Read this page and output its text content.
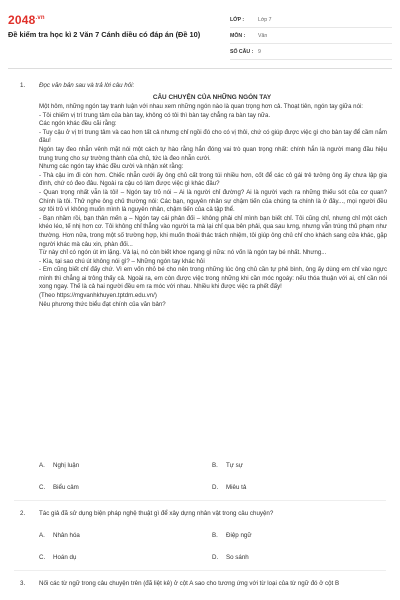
$2048^{.vn}$
Đề kiểm tra học kì 2 Văn 7 Cánh diều có đáp án (Đề 10)
LỚP :	Lớp 7
MÔN :	Văn
SỐ CÂU : 9
1. Đọc văn bản sau và trả lời câu hỏi:
CÂU CHUYỆN CỦA NHỮNG NGÓN TAY

Một hôm, những ngón tay tranh luận với nhau xem những ngón nào là quan trọng hơn cả. Thoạt tiên, ngón tay giữa nói:

- Tôi chiếm vị trí trung tâm của bàn tay, không có tôi thì bàn tay chẳng ra bàn tay nữa.

Các ngón khác đều cãi rằng:

- Tuy cậu ở vị trí trung tâm và cao hơn tất cả nhưng chỉ ngồi đó cho có vị thôi, chứ có giúp được việc gì cho bàn tay để cầm nắm đâu!

Ngón tay đeo nhẫn vênh mặt nói một cách tự hào rằng hắn đóng vai trò quan trọng nhất: chính hắn là người mang đầu hiệu trung trung cho sự trường thành của chủ, tức là đeo nhẫn cưới.

Nhưng các ngón tay khác đều cười và nhận xét rằng:

- Thà cậu im đi còn hơn. Chiếc nhẫn cưới ấy ông chủ cất trong túi nhiều hơn, cốt để các cô gái trẻ tưởng ông ấy chưa lập gia đình, chứ có đeo đâu. Ngoài ra cậu có làm được việc gì khác đâu?

- Quan trọng nhất vẫn là tôi! – Ngón tay trỏ nói – Ai là người chỉ đường? Ai là người vạch ra những thiếu sót của cơ quan? Chính là tôi. Thử nghe ông chủ thường nói: Các bạn, nguyên nhân sự chậm tiến của chúng ta chính là ở đây..., mọi người đều sợ tôi trỏ vì không muốn mình là nguyên nhân, chậm tiến của cả tập thể.

- Bạn nhầm rồi, bạn thân mến ạ – Ngón tay cái phản đối – không phải chỉ mình bạn biết chỉ. Tôi cũng chỉ, nhưng chỉ một cách khéo léo, tế nhị hơn cơ. Tôi không chỉ thẳng vào người ta mà lại chỉ qua bên phải, qua sau lưng, nhưng vẫn trúng thủ phạm như thường. Hơn nữa, trong một số trường hợp, khi muốn thoái thác trách nhiệm, tôi giúp ông chủ chỉ cho khách sang cửa khác, gặp người khác mà câu xin, phàn đối...

Từ này chỉ có ngón út im lặng. Vả lại, nó còn biết khoe ngang gì nữa: nó vốn là ngón tay bé nhất. Nhưng...

- Kìa, tại sao chú út không nói gì? – Những ngón tay khác hỏi

- Em cũng biết chỉ đấy chứ. Vì em vốn nhỏ bé cho nên trong những lúc ông chủ cần tự phê bình, ông ấy dùng em chỉ vào ngực mình thì chẳng ai trông thấy cả. Ngoài ra, em còn được việc trong những khi cần móc ngoáy: nếu thóa thuận với ai, chỉ cần nói xong ngay. Thế là cả hai người đều em ra móc với nhau. Nhiều khi được việc ra phết đấy!

(Theo https://mgvanhkhuyen.tptdm.edu.vn/)

Nêu phương thức biểu đạt chính của văn bản?

A. Nghị luận	B. Tự sự
C. Biểu cảm	D. Miêu tả
2. Tác giả đã sử dụng biện pháp nghệ thuật gì để xây dựng nhân vật trong câu chuyện?
A. Nhân hóa	B. Điệp ngữ
C. Hoán dụ	D. So sánh
3. Nối các từ ngữ trong câu chuyện trên (đã liệt kê) ở cột A sao cho tương ứng với từ loại của từ ngữ đó ở cột B
